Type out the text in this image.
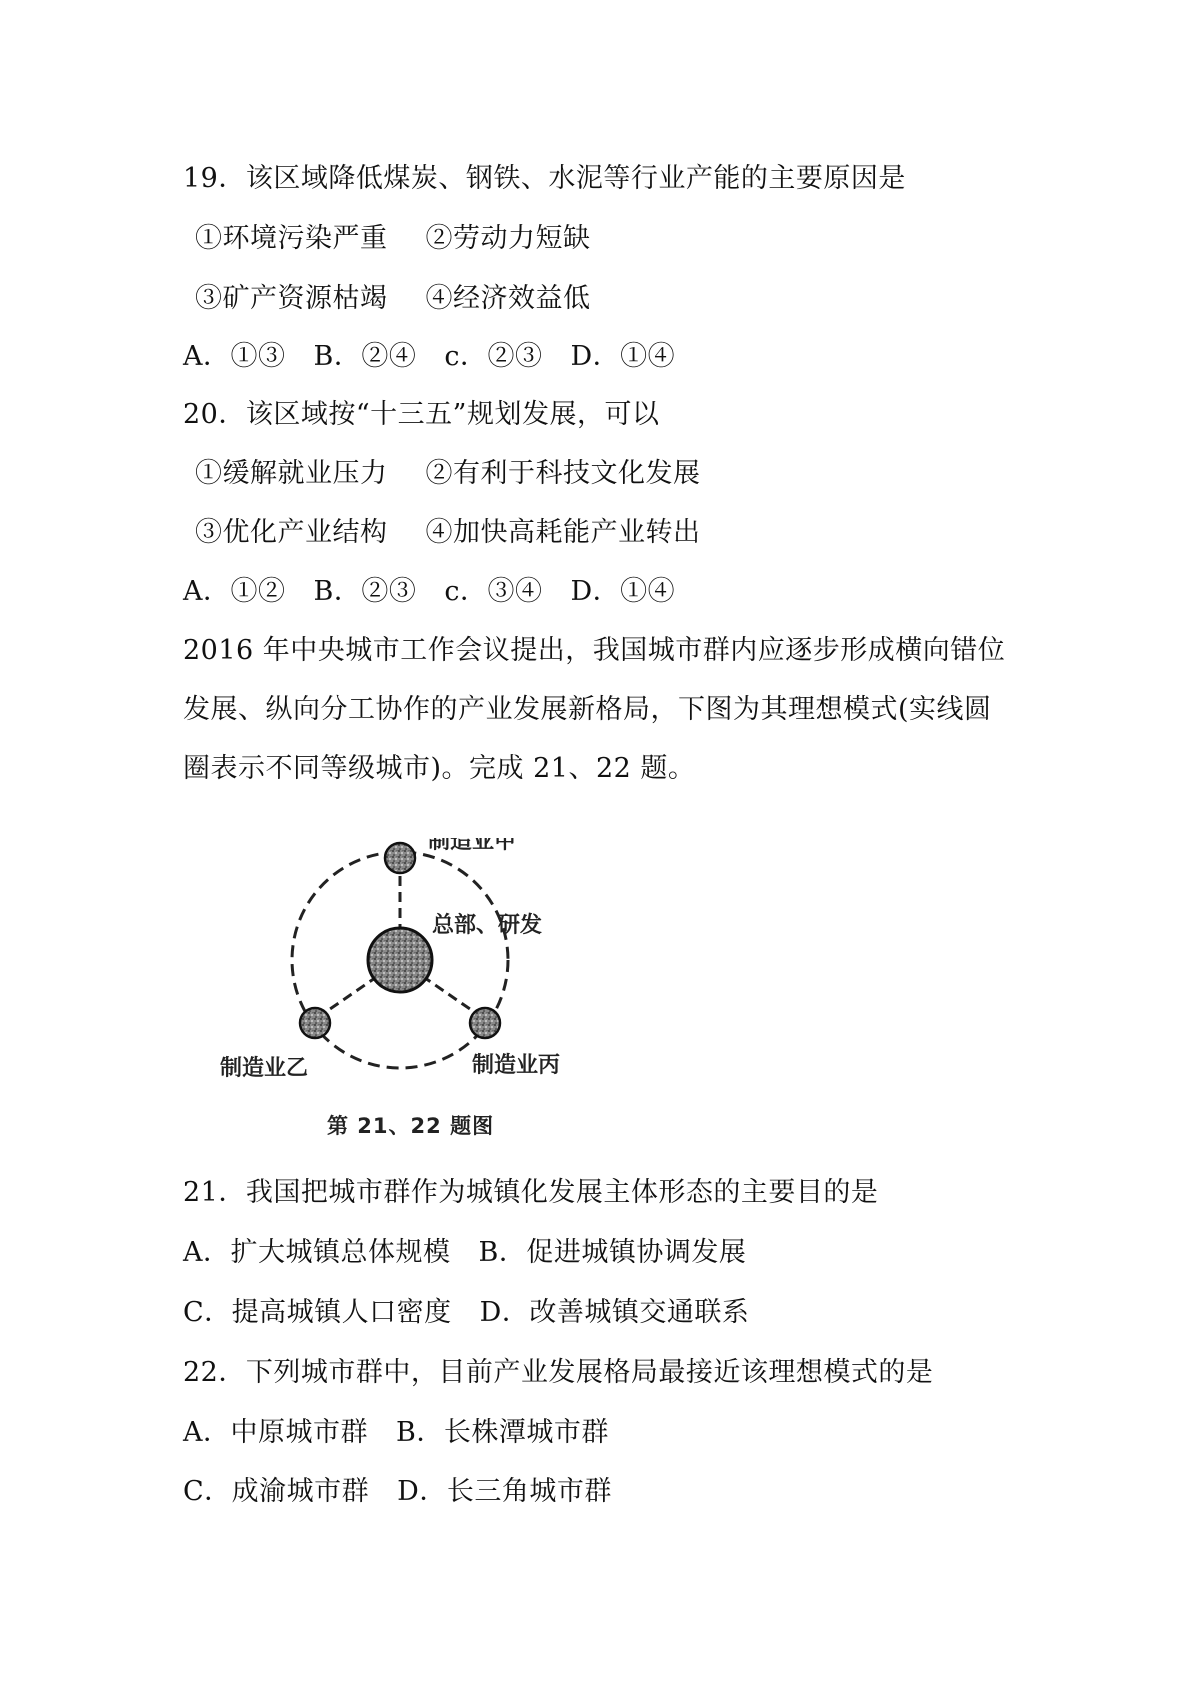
19．该区域降低煤炭、钢铁、水泥等行业产能的主要原因是
①环境污染严重 ②劳动力短缺
③矿产资源枯竭 ④经济效益低
A．①③ B．②④ c．②③ D．①④
20．该区域按“十三五”规划发展，可以
①缓解就业压力 ②有利于科技文化发展
③优化产业结构 ④加快高耗能产业转出
A．①② B．②③ c．③④ D．①④
2016 年中央城市工作会议提出，我国城市群内应逐步形成横向错位
发展、纵向分工协作的产业发展新格局，下图为其理想模式(实线圆
圈表示不同等级城市)。完成 21、22 题。
制造业甲
总部、研发
制造业乙	制造业丙
第 21、22 题图
21．我国把城市群作为城镇化发展主体形态的主要目的是
A．扩大城镇总体规模 B．促进城镇协调发展
C．提高城镇人口密度 D．改善城镇交通联系
22．下列城市群中，目前产业发展格局最接近该理想模式的是
A．中原城市群 B．长株潭城市群
C．成渝城市群 D．长三角城市群
